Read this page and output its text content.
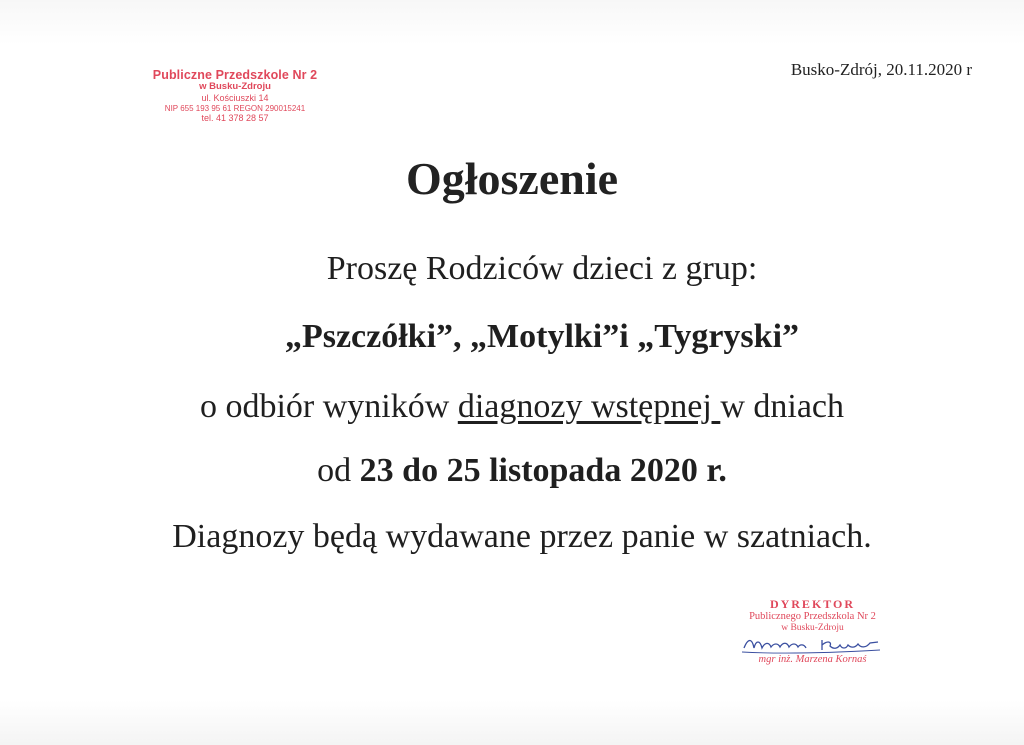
Publiczne Przedszkole Nr 2
w Busku-Zdroju
ul. Kościuszki 14
NIP 655 193 95 61 REGON 290015241
tel. 41 378 28 57
Busko-Zdrój, 20.11.2020 r
Ogłoszenie
Proszę Rodziców dzieci z grup:
„Pszczółki”, „Motylki”i „Tygryski”
o odbiór wyników diagnozy wstępnej w dniach
od 23 do 25 listopada 2020 r.
Diagnozy będą wydawane przez panie w szatniach.
DYREKTOR
Publicznego Przedszkola Nr 2
w Busku-Zdroju
mgr inż. Marzena Kornaś
